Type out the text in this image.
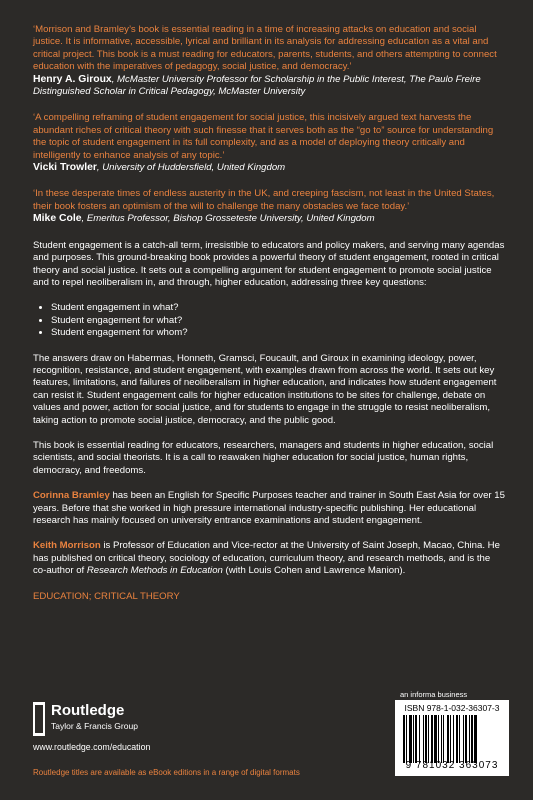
‘Morrison and Bramley’s book is essential reading in a time of increasing attacks on education and social justice. It is informative, accessible, lyrical and brilliant in its analysis for addressing education as a vital and critical project. This book is a must reading for educators, parents, students, and others attempting to connect education with the imperatives of pedagogy, social justice, and democracy.’

Henry A. Giroux, McMaster University Professor for Scholarship in the Public Interest, The Paulo Freire Distinguished Scholar in Critical Pedagogy, McMaster University

‘A compelling reframing of student engagement for social justice, this incisively argued text harvests the abundant riches of critical theory with such finesse that it serves both as the “go to” source for understanding the topic of student engagement in its full complexity, and as a model of deploying theory critically and intelligently to enhance analysis of any topic.’

Vicki Trowler, University of Huddersfield, United Kingdom

‘In these desperate times of endless austerity in the UK, and creeping fascism, not least in the United States, their book fosters an optimism of the will to challenge the many obstacles we face today.’

Mike Cole, Emeritus Professor, Bishop Grosseteste University, United Kingdom

Student engagement is a catch-all term, irresistible to educators and policy makers, and serving many agendas and purposes. This ground-breaking book provides a powerful theory of student engagement, rooted in critical theory and social justice. It sets out a compelling argument for student engagement to promote social justice and to repel neoliberalism in, and through, higher education, addressing three key questions:

• Student engagement in what?
• Student engagement for what?
• Student engagement for whom?

The answers draw on Habermas, Honneth, Gramsci, Foucault, and Giroux in examining ideology, power, recognition, resistance, and student engagement, with examples drawn from across the world. It sets out key features, limitations, and failures of neoliberalism in higher education, and indicates how student engagement can resist it. Student engagement calls for higher education institutions to be sites for challenge, debate on values and power, action for social justice, and for students to engage in the struggle to resist neoliberalism, taking action to promote social justice, democracy, and the public good.

This book is essential reading for educators, researchers, managers and students in higher education, social scientists, and social theorists. It is a call to reawaken higher education for social justice, human rights, democracy, and freedoms.

Corinna Bramley has been an English for Specific Purposes teacher and trainer in South East Asia for over 15 years. Before that she worked in high pressure international industry-specific publishing. Her educational research has mainly focused on university entrance examinations and student engagement.

Keith Morrison is Professor of Education and Vice-rector at the University of Saint Joseph, Macao, China. He has published on critical theory, sociology of education, curriculum theory, and research methods, and is the co-author of Research Methods in Education (with Louis Cohen and Lawrence Manion).

EDUCATION; CRITICAL THEORY

an informa business
Routledge
Taylor & Francis Group
www.routledge.com/education
Routledge titles are available as eBook editions in a range of digital formats
ISBN 978-1-032-36307-3
9 781032 363073
